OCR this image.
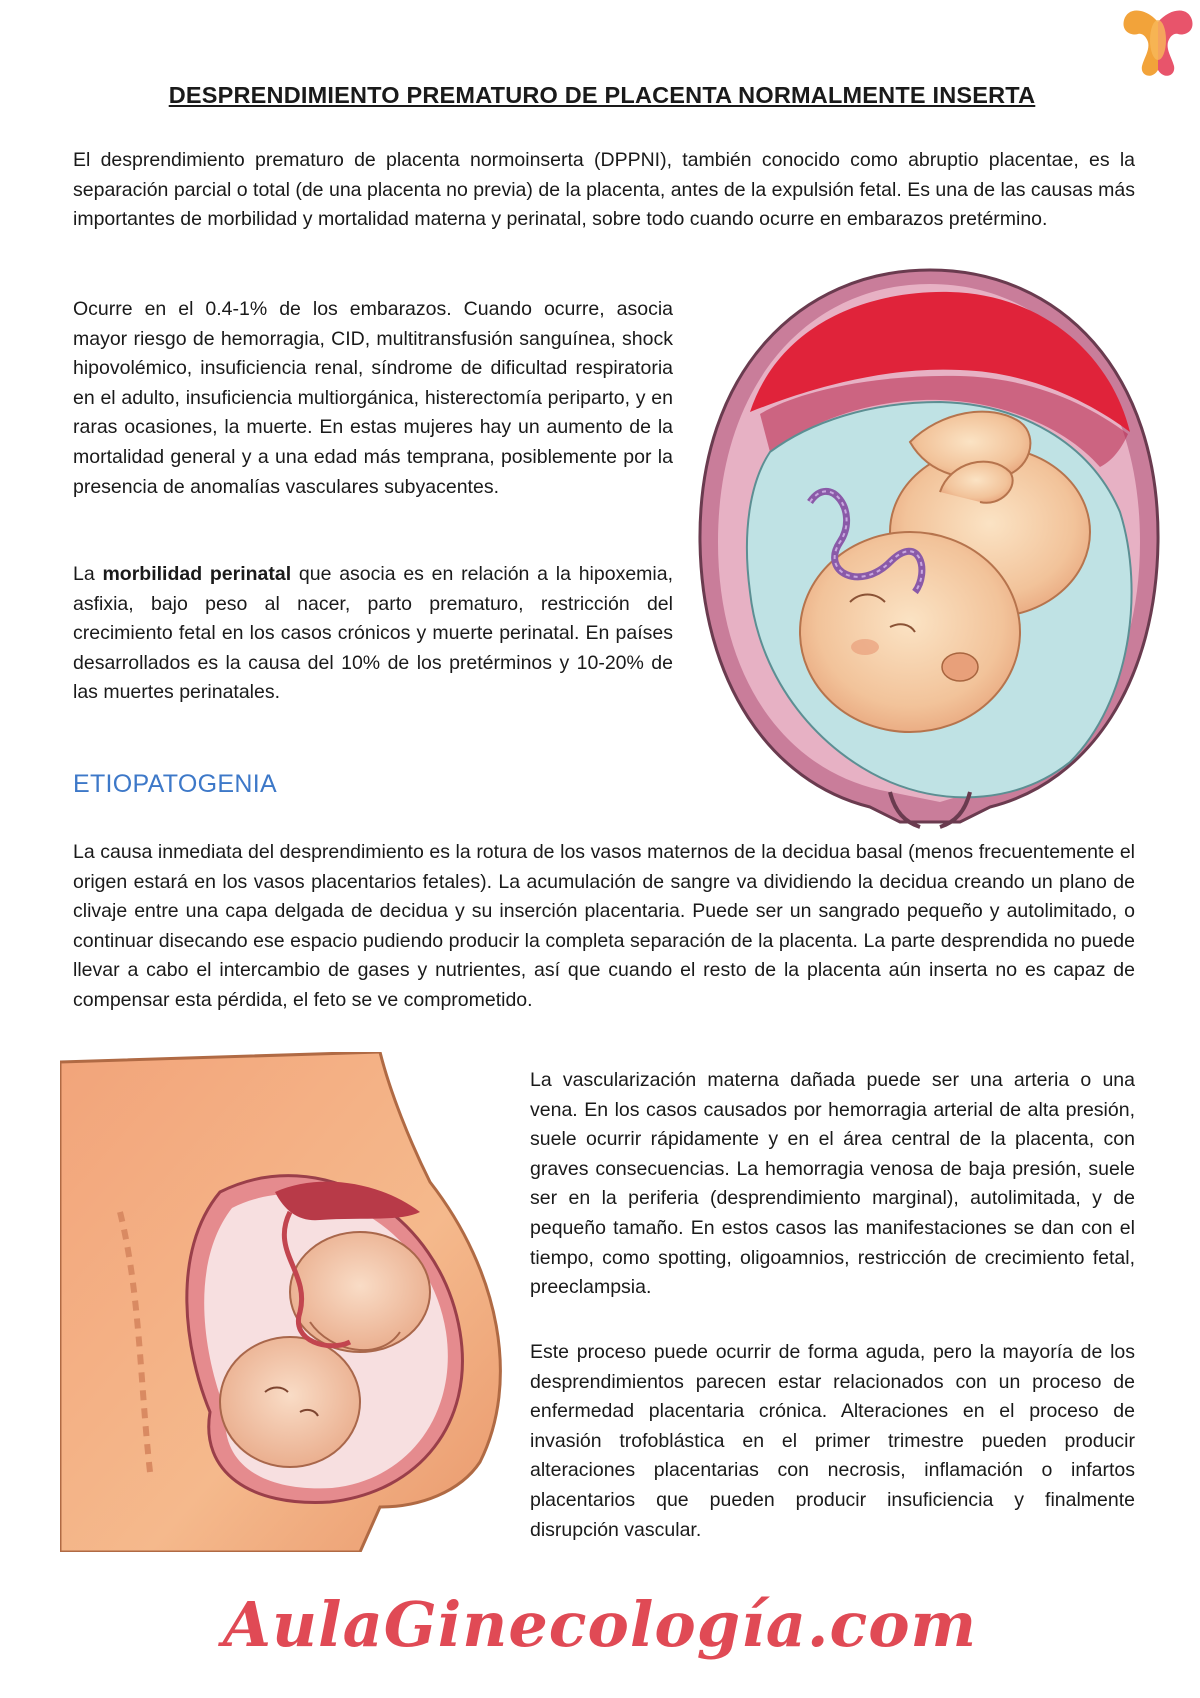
DESPRENDIMIENTO PREMATURO DE PLACENTA NORMALMENTE INSERTA

El desprendimiento prematuro de placenta normoinserta (DPPNI), también conocido como abruptio placentae, es la separación parcial o total (de una placenta no previa) de la placenta, antes de la expulsión fetal. Es una de las causas más importantes de morbilidad y mortalidad materna y perinatal, sobre todo cuando ocurre en embarazos pretérmino.

Ocurre en el 0.4-1% de los embarazos. Cuando ocurre, asocia mayor riesgo de hemorragia, CID, multitransfusión sanguínea, shock hipovolémico, insuficiencia renal, síndrome de dificultad respiratoria en el adulto, insuficiencia multiorgánica, histerectomía periparto, y en raras ocasiones, la muerte. En estas mujeres hay un aumento de la mortalidad general y a una edad más temprana, posiblemente por la presencia de anomalías vasculares subyacentes.

La morbilidad perinatal que asocia es en relación a la hipoxemia, asfixia, bajo peso al nacer, parto prematuro, restricción del crecimiento fetal en los casos crónicos y muerte perinatal. En países desarrollados es la causa del 10% de los pretérminos y 10-20% de las muertes perinatales.

ETIOPATOGENIA

La causa inmediata del desprendimiento es la rotura de los vasos maternos de la decidua basal (menos frecuentemente el origen estará en los vasos placentarios fetales). La acumulación de sangre va dividiendo la decidua creando un plano de clivaje entre una capa delgada de decidua y su inserción placentaria. Puede ser un sangrado pequeño y autolimitado, o continuar disecando ese espacio pudiendo producir la completa separación de la placenta. La parte desprendida no puede llevar a cabo el intercambio de gases y nutrientes, así que cuando el resto de la placenta aún inserta no es capaz de compensar esta pérdida, el feto se ve comprometido.

La vascularización materna dañada puede ser una arteria o una vena. En los casos causados por hemorragia arterial de alta presión, suele ocurrir rápidamente y en el área central de la placenta, con graves consecuencias. La hemorragia venosa de baja presión, suele ser en la periferia (desprendimiento marginal), autolimitada, y de pequeño tamaño. En estos casos las manifestaciones se dan con el tiempo, como spotting, oligoamnios, restricción de crecimiento fetal, preeclampsia.

Este proceso puede ocurrir de forma aguda, pero la mayoría de los desprendimientos parecen estar relacionados con un proceso de enfermedad placentaria crónica. Alteraciones en el proceso de invasión trofoblástica en el primer trimestre pueden producir alteraciones placentarias con necrosis, inflamación o infartos placentarios que pueden producir insuficiencia y finalmente disrupción vascular.

AulaGinecología.com
